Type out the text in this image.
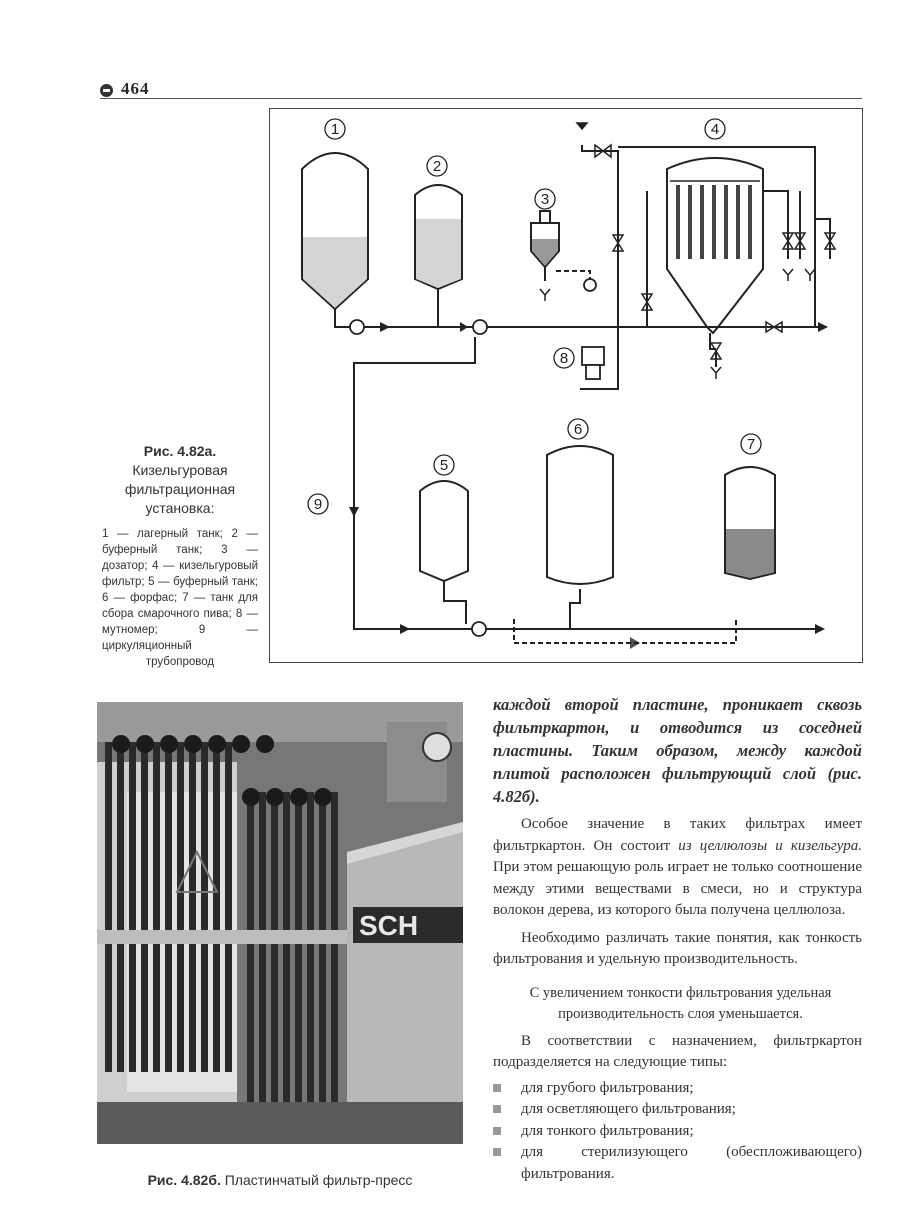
464
1
2
3
4
5
6
7
8
9
Рис. 4.82а. Кизельгуровая фильтрационная установка:
1 — лагерный танк; 2 — буферный танк; 3 — дозатор; 4 — кизельгуровый фильтр; 5 — буферный танк; 6 — форфас; 7 — танк для сбора смарочного пива; 8 — мутномер; 9 — циркуляционный трубопровод
SCH
Рис. 4.82б. Пластинчатый фильтр-пресс

каждой второй пластине, проникает сквозь фильтркартон, и отводится из соседней пластины. Таким образом, между каждой плитой расположен фильтрующий слой (рис. 4.82б).

Особое значение в таких фильтрах имеет фильтркартон. Он состоит из целлюлозы и кизельгура. При этом решающую роль играет не только соотношение между этими веществами в смеси, но и структура волокон дерева, из которого была получена целлюлоза.

Необходимо различать такие понятия, как тонкость фильтрования и удельную производительность.

С увеличением тонкости фильтрования удельная производительность слоя уменьшается.

В соответствии с назначением, фильтркартон подразделяется на следующие типы:

для грубого фильтрования;
для осветляющего фильтрования;
для тонкого фильтрования;
для стерилизующего (обеспложивающего) фильтрования.
